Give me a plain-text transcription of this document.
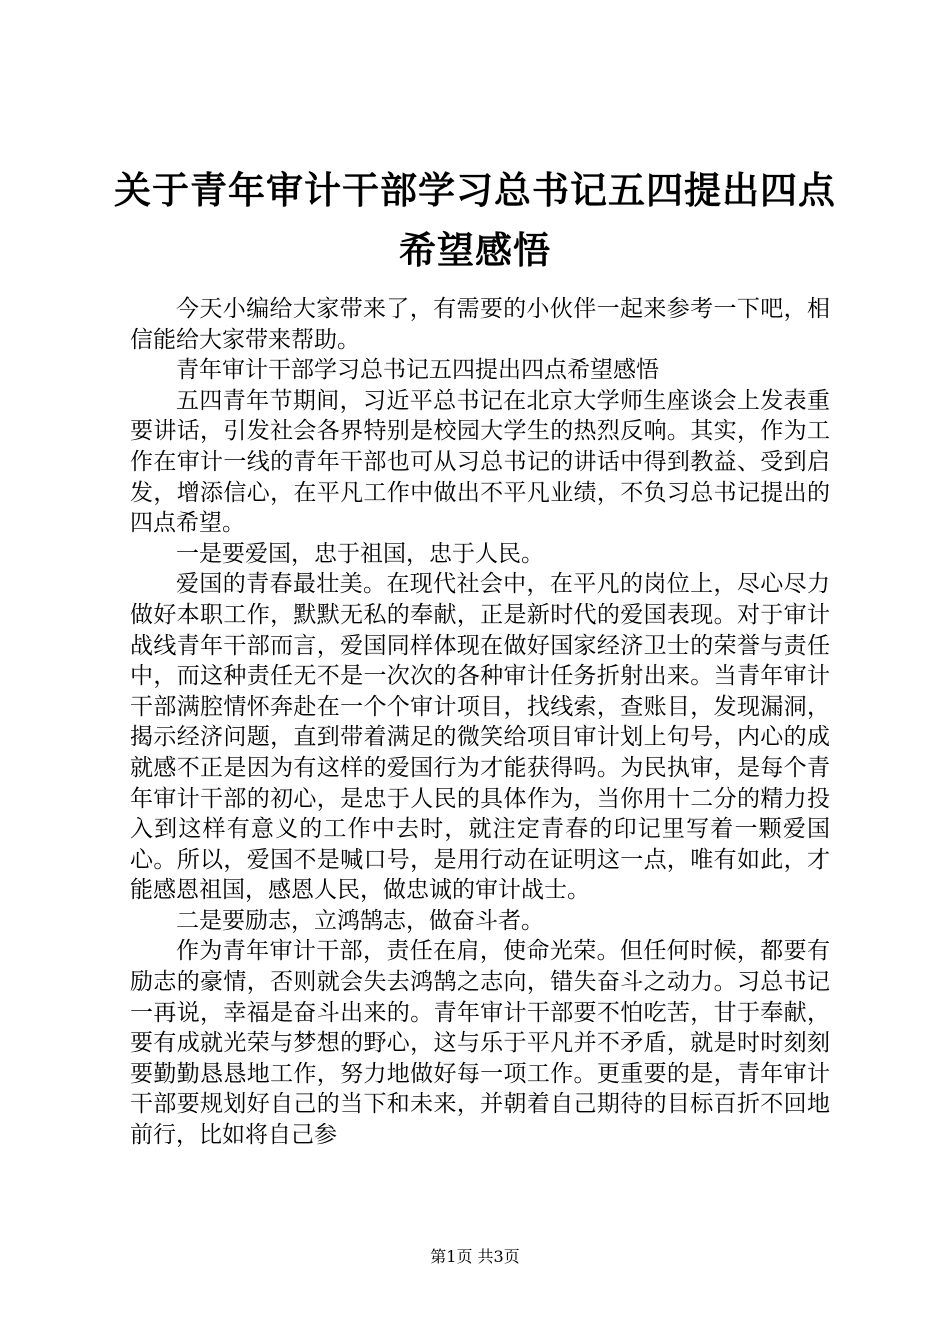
关于青年审计干部学习总书记五四提出四点希望感悟

今天小编给大家带来了，有需要的小伙伴一起来参考一下吧，相信能给大家带来帮助。

青年审计干部学习总书记五四提出四点希望感悟

五四青年节期间，习近平总书记在北京大学师生座谈会上发表重要讲话，引发社会各界特别是校园大学生的热烈反响。其实，作为工作在审计一线的青年干部也可从习总书记的讲话中得到教益、受到启发，增添信心，在平凡工作中做出不平凡业绩，不负习总书记提出的四点希望。

一是要爱国，忠于祖国，忠于人民。

爱国的青春最壮美。在现代社会中，在平凡的岗位上，尽心尽力做好本职工作，默默无私的奉献，正是新时代的爱国表现。对于审计战线青年干部而言，爱国同样体现在做好国家经济卫士的荣誉与责任中，而这种责任无不是一次次的各种审计任务折射出来。当青年审计干部满腔情怀奔赴在一个个审计项目，找线索，查账目，发现漏洞，揭示经济问题，直到带着满足的微笑给项目审计划上句号，内心的成就感不正是因为有这样的爱国行为才能获得吗。为民执审，是每个青年审计干部的初心，是忠于人民的具体作为，当你用十二分的精力投入到这样有意义的工作中去时，就注定青春的印记里写着一颗爱国心。所以，爱国不是喊口号，是用行动在证明这一点，唯有如此，才能感恩祖国，感恩人民，做忠诚的审计战士。

二是要励志，立鸿鹄志，做奋斗者。

作为青年审计干部，责任在肩，使命光荣。但任何时候，都要有励志的豪情，否则就会失去鸿鹄之志向，错失奋斗之动力。习总书记一再说，幸福是奋斗出来的。青年审计干部要不怕吃苦，甘于奉献，要有成就光荣与梦想的野心，这与乐于平凡并不矛盾，就是时时刻刻要勤勤恳恳地工作，努力地做好每一项工作。更重要的是，青年审计干部要规划好自己的当下和未来，并朝着自己期待的目标百折不回地前行，比如将自己参

第1页 共3页
